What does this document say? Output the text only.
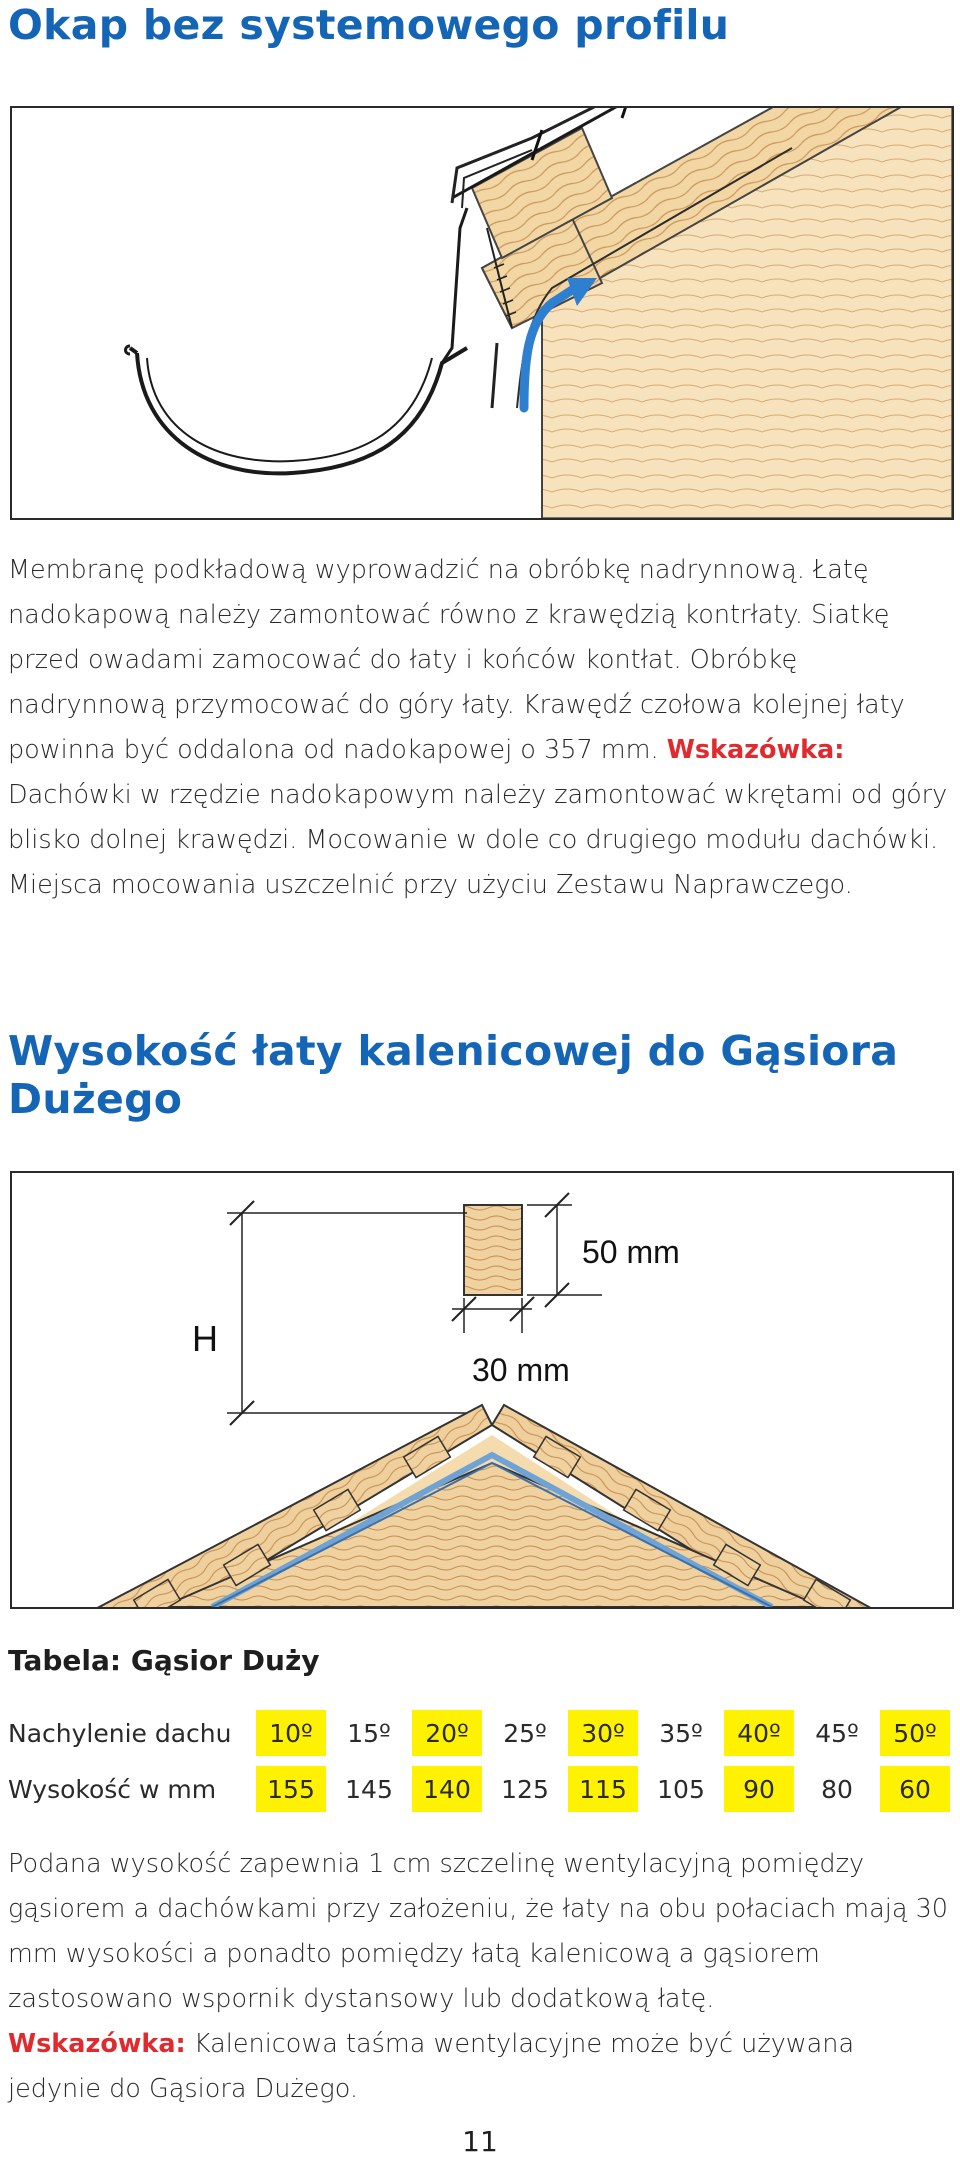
Okap bez systemowego profilu

Membranę podkładową wyprowadzić na obróbkę nadrynnową. Łatę nadokapową należy zamontować równo z krawędzią kontrłaty. Siatkę przed owadami zamocować do łaty i końców kontłat. Obróbkę nadrynnową przymocować do góry łaty. Krawędź czołowa kolejnej łaty powinna być oddalona od nadokapowej o 357 mm. Wskazówka: Dachówki w rzędzie nadokapowym należy zamontować wkrętami od góry blisko dolnej krawędzi. Mocowanie w dole co drugiego modułu dachówki. Miejsca mocowania uszczelnić przy użyciu Zestawu Naprawczego.

Wysokość łaty kalenicowej do Gąsiora Dużego
H
50 mm
30 mm
Tabela: Gąsior Duży
Nachylenie dachu	10º		15º		20º		25º		30º		35º		40º		45º		50º
Wysokość w mm	155		145		140		125		115		105		90		80		60

Podana wysokość zapewnia 1 cm szczelinę wentylacyjną pomiędzy gąsiorem a dachówkami przy założeniu, że łaty na obu połaciach mają 30 mm wysokości a ponadto pomiędzy łatą kalenicową a gąsiorem zastosowano wspornik dystansowy lub dodatkową łatę.
Wskazówka: Kalenicowa taśma wentylacyjne może być używana jedynie do Gąsiora Dużego.

11
